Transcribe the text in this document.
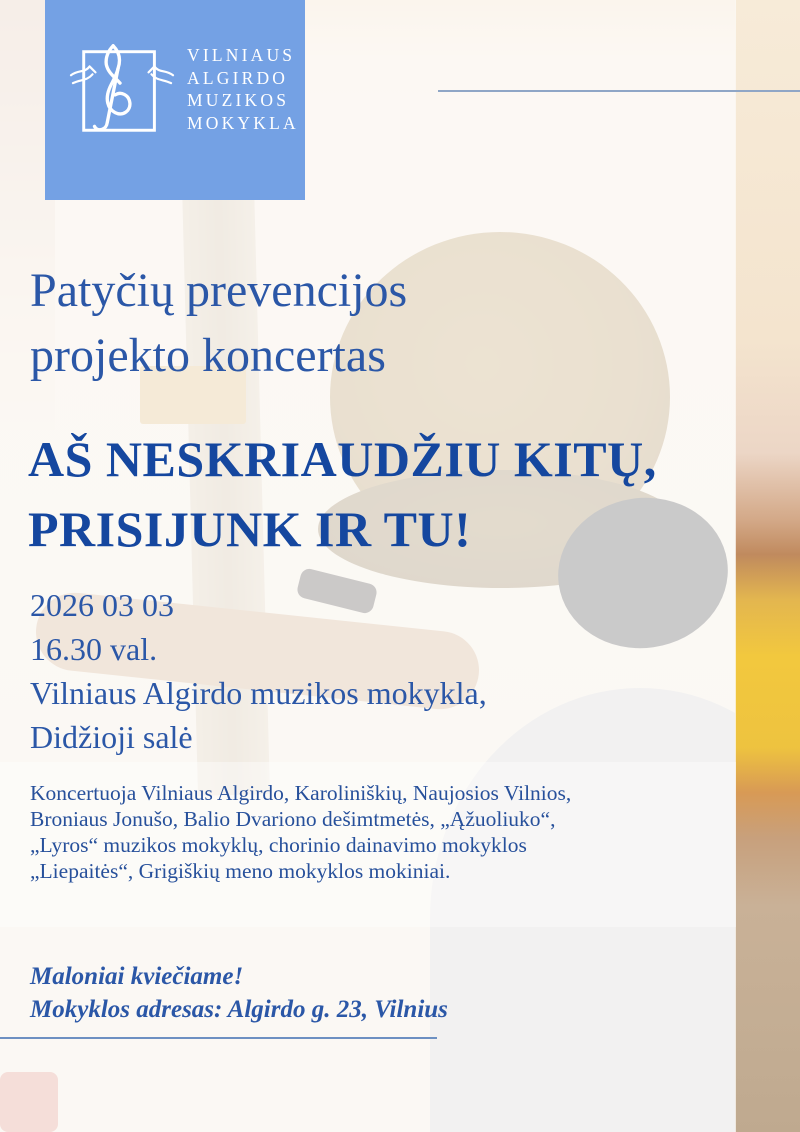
VILNIAUS
ALGIRDO
MUZIKOS
MOKYKLA
Patyčių prevencijos
projekto koncertas
AŠ NESKRIAUDŽIU KITŲ,
PRISIJUNK IR TU!
2026 03 03
16.30 val.
Vilniaus Algirdo muzikos mokykla,
Didžioji salė
Koncertuoja Vilniaus Algirdo, Karoliniškių, Naujosios Vilnios,
Broniaus Jonušo, Balio Dvariono dešimtmetės, „Ąžuoliuko“,
„Lyros“ muzikos mokyklų, chorinio dainavimo mokyklos
„Liepaitės“, Grigiškių meno mokyklos mokiniai.
Maloniai kviečiame!
Mokyklos adresas: Algirdo g. 23, Vilnius
